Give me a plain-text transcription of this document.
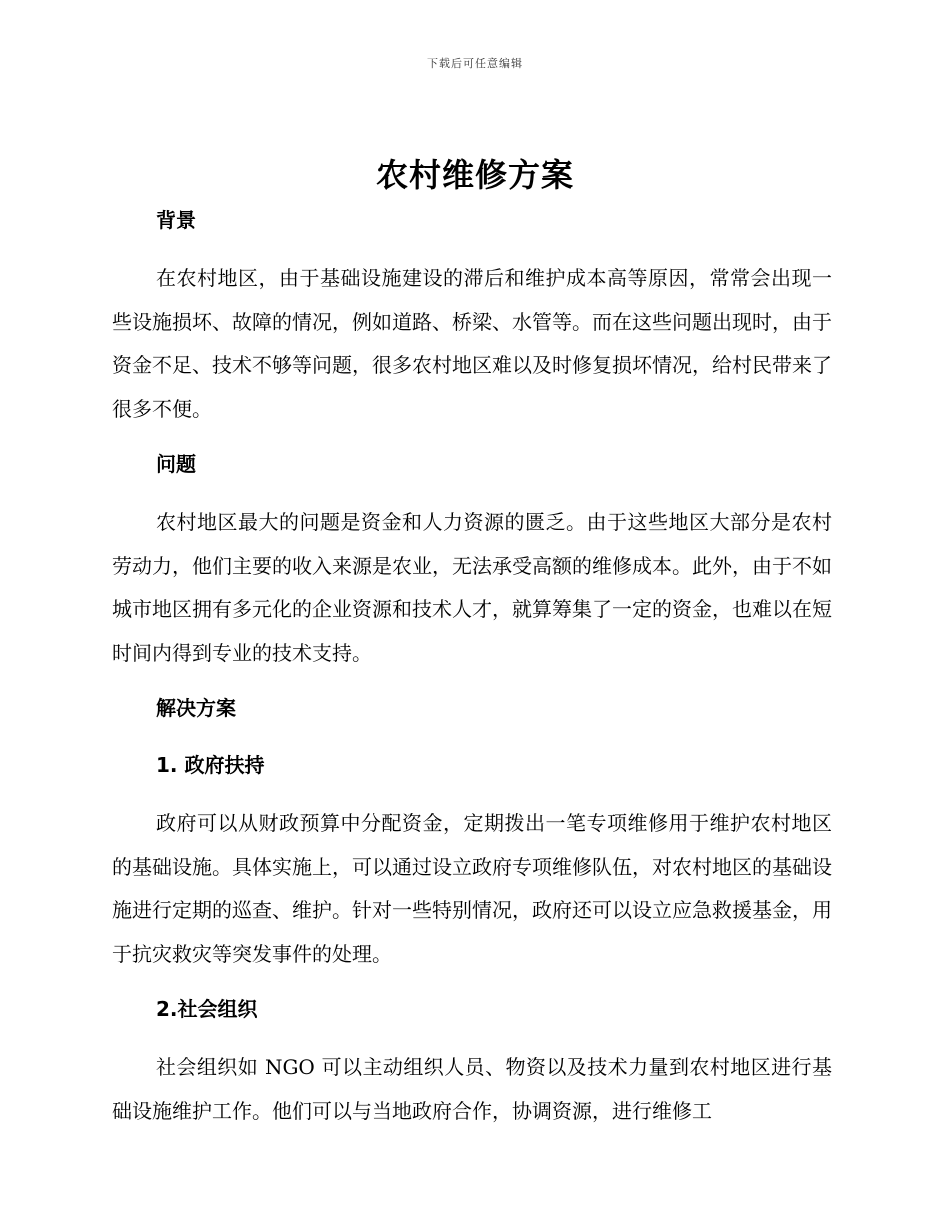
下载后可任意编辑
农村维修方案
背景

在农村地区，由于基础设施建设的滞后和维护成本高等原因，常常会出现一些设施损坏、故障的情况，例如道路、桥梁、水管等。而在这些问题出现时，由于资金不足、技术不够等问题，很多农村地区难以及时修复损坏情况，给村民带来了很多不便。

问题

农村地区最大的问题是资金和人力资源的匮乏。由于这些地区大部分是农村劳动力，他们主要的收入来源是农业，无法承受高额的维修成本。此外，由于不如城市地区拥有多元化的企业资源和技术人才，就算筹集了一定的资金，也难以在短时间内得到专业的技术支持。

解决方案
1. 政府扶持

政府可以从财政预算中分配资金，定期拨出一笔专项维修用于维护农村地区的基础设施。具体实施上，可以通过设立政府专项维修队伍，对农村地区的基础设施进行定期的巡查、维护。针对一些特别情况，政府还可以设立应急救援基金，用于抗灾救灾等突发事件的处理。

2.社会组织

社会组织如 NGO 可以主动组织人员、物资以及技术力量到农村地区进行基础设施维护工作。他们可以与当地政府合作，协调资源，进行维修工
